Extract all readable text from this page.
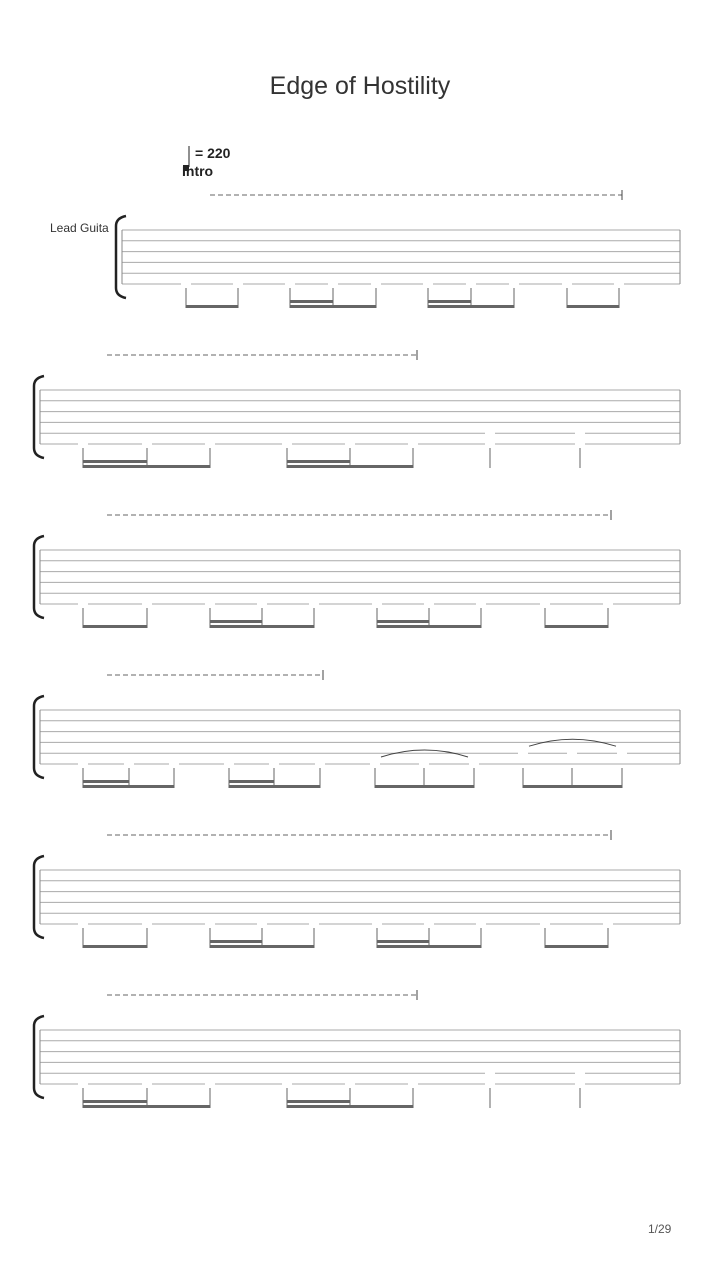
Edge of Hostility
= 220
Intro
Lead Guita
1/29
